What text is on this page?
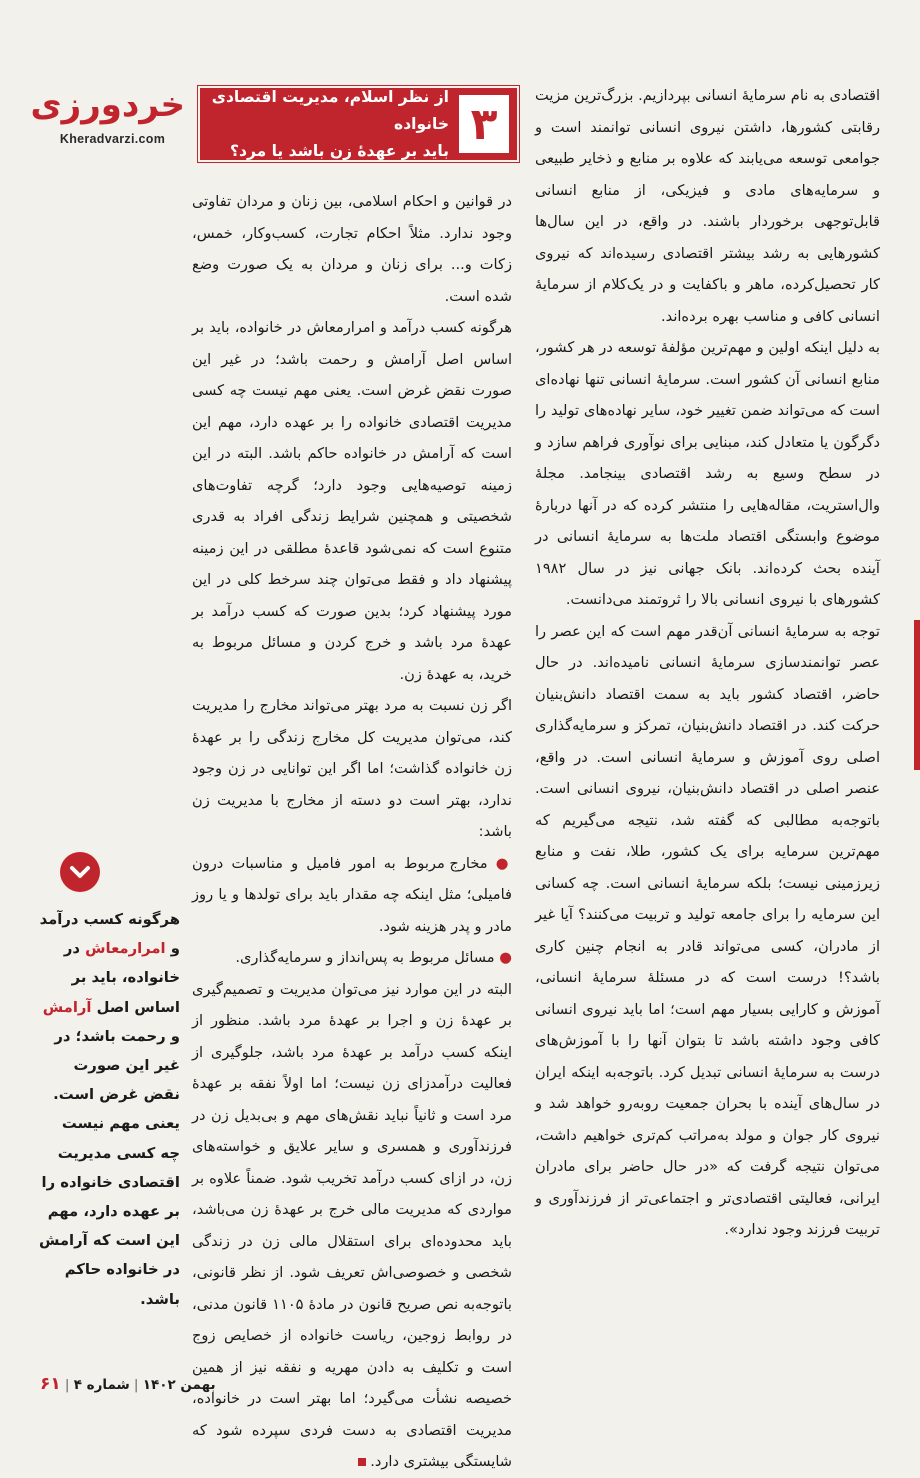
خردورزی
Kheradvarzi.com	۳
از نظر اسلام، مدیریت اقتصادی خانواده
باید بر عهدۀ زن باشد یا مرد؟

اقتصادی به نام سرمایۀ انسانی بپردازیم. بزرگ‌ترین مزیت رقابتی کشورها، داشتن نیروی انسانی توانمند است و جوامعی توسعه می‌یابند که علاوه بر منابع و ذخایر طبیعی و سرمایه‌های مادی و فیزیکی، از منابع انسانی قابل‌توجهی برخوردار باشند. در واقع، در این سال‌ها کشورهایی به رشد بیشتر اقتصادی رسیده‌اند که نیروی کار تحصیل‌کرده، ماهر و باکفایت و در یک‌کلام از سرمایۀ انسانی کافی و مناسب بهره برده‌اند.

به دلیل اینکه اولین و مهم‌ترین مؤلفۀ توسعه در هر کشور، منابع انسانی آن کشور است. سرمایۀ انسانی تنها نهاده‌ای است که می‌تواند ضمن تغییر خود، سایر نهاده‌های تولید را دگرگون یا متعادل کند، مبنایی برای نوآوری فراهم سازد و در سطح وسیع به رشد اقتصادی بینجامد. مجلۀ وال‌استریت، مقاله‌هایی را منتشر کرده که در آنها دربارۀ موضوع وابستگی اقتصاد ملت‌ها به سرمایۀ انسانی در آینده بحث کرده‌اند. بانک جهانی نیز در سال ۱۹۸۲ کشورهای با نیروی انسانی بالا را ثروتمند می‌دانست.

توجه به سرمایۀ انسانی آن‌قدر مهم است که این عصر را عصر توانمندسازی سرمایۀ انسانی نامیده‌اند. در حال حاضر، اقتصاد کشور باید به سمت اقتصاد دانش‌بنیان حرکت کند. در اقتصاد دانش‌بنیان، تمرکز و سرمایه‌گذاری اصلی روی آموزش و سرمایۀ انسانی است. در واقع، عنصر اصلی در اقتصاد دانش‌بنیان، نیروی انسانی است. باتوجه‌به مطالبی که گفته شد، نتیجه می‌گیریم که مهم‌ترین سرمایه برای یک کشور، طلا، نفت و منابع زیرزمینی نیست؛ بلکه سرمایۀ انسانی است. چه کسانی این سرمایه را برای جامعه تولید و تربیت می‌کنند؟ آیا غیر از مادران، کسی می‌تواند قادر به انجام چنین کاری باشد؟! درست است که در مسئلۀ سرمایۀ انسانی، آموزش و کارایی بسیار مهم است؛ اما باید نیروی انسانی کافی وجود داشته باشد تا بتوان آنها را با آموزش‌های درست به سرمایۀ انسانی تبدیل کرد. باتوجه‌به اینکه ایران در سال‌های آینده با بحران جمعیت روبه‌رو خواهد شد و نیروی کار جوان و مولد به‌مراتب کم‌تری خواهیم داشت، می‌توان نتیجه گرفت که «در حال حاضر برای مادران ایرانی، فعالیتی اقتصادی‌تر و اجتماعی‌تر از فرزندآوری و تربیت فرزند وجود ندارد».

در قوانین و احکام اسلامی، بین زنان و مردان تفاوتی وجود ندارد. مثلاً احکام تجارت، کسب‌وکار، خمس، زکات و... برای زنان و مردان به یک صورت وضع شده است.

هرگونه کسب درآمد و امرارمعاش در خانواده، باید بر اساس اصل آرامش و رحمت باشد؛ در غیر این صورت نقض غرض است. یعنی مهم نیست چه کسی مدیریت اقتصادی خانواده را بر عهده دارد، مهم این است که آرامش در خانواده حاکم باشد. البته در این زمینه توصیه‌هایی وجود دارد؛ گرچه تفاوت‌های شخصیتی و همچنین شرایط زندگی افراد به قدری متنوع است که نمی‌شود قاعدۀ مطلقی در این زمینه پیشنهاد داد و فقط می‌توان چند سرخط کلی در این مورد پیشنهاد کرد؛ بدین صورت که کسب درآمد بر عهدۀ مرد باشد و خرج کردن و مسائل مربوط به خرید، به عهدۀ زن.

اگر زن نسبت به مرد بهتر می‌تواند مخارج را مدیریت کند، می‌توان مدیریت کل مخارج زندگی را بر عهدۀ زن خانواده گذاشت؛ اما اگر این توانایی در زن وجود ندارد، بهتر است دو دسته از مخارج با مدیریت زن باشد:

● مخارج مربوط به امور فامیل و مناسبات درون فامیلی؛ مثل اینکه چه مقدار باید برای تولدها و یا روز مادر و پدر هزینه شود.

● مسائل مربوط به پس‌انداز و سرمایه‌گذاری.

البته در این موارد نیز می‌توان مدیریت و تصمیم‌گیری بر عهدۀ زن و اجرا بر عهدۀ مرد باشد. منظور از اینکه کسب درآمد بر عهدۀ مرد باشد، جلوگیری از فعالیت درآمدزای زن نیست؛ اما اولاً نفقه بر عهدۀ مرد است و ثانیاً نباید نقش‌های مهم و بی‌بدیل زن در فرزندآوری و همسری و سایر علایق و خواسته‌های زن، در ازای کسب درآمد تخریب شود. ضمناً علاوه بر مواردی که مدیریت مالی خرج بر عهدۀ زن می‌باشد، باید محدوده‌ای برای استقلال مالی زن در زندگی شخصی و خصوصی‌اش تعریف شود. از نظر قانونی، باتوجه‌به نص صریح قانون در مادۀ ۱۱۰۵ قانون مدنی، در روابط زوجین، ریاست خانواده از خصایص زوج است و تکلیف به دادن مهریه و نفقه نیز از همین خصیصه نشأت می‌گیرد؛ اما بهتر است در خانواده، مدیریت اقتصادی به دست فردی سپرده شود که شایستگی بیشتری دارد.

هرگونه کسب درآمد و امرارمعاش در خانواده، باید بر اساس اصل آرامش و رحمت باشد؛ در غیر این صورت نقض غرض است. یعنی مهم نیست چه کسی مدیریت اقتصادی خانواده را بر عهده دارد، مهم این است که آرامش در خانواده حاکم باشد.
بهمن ۱۴۰۲|شماره ۴|۶۱
